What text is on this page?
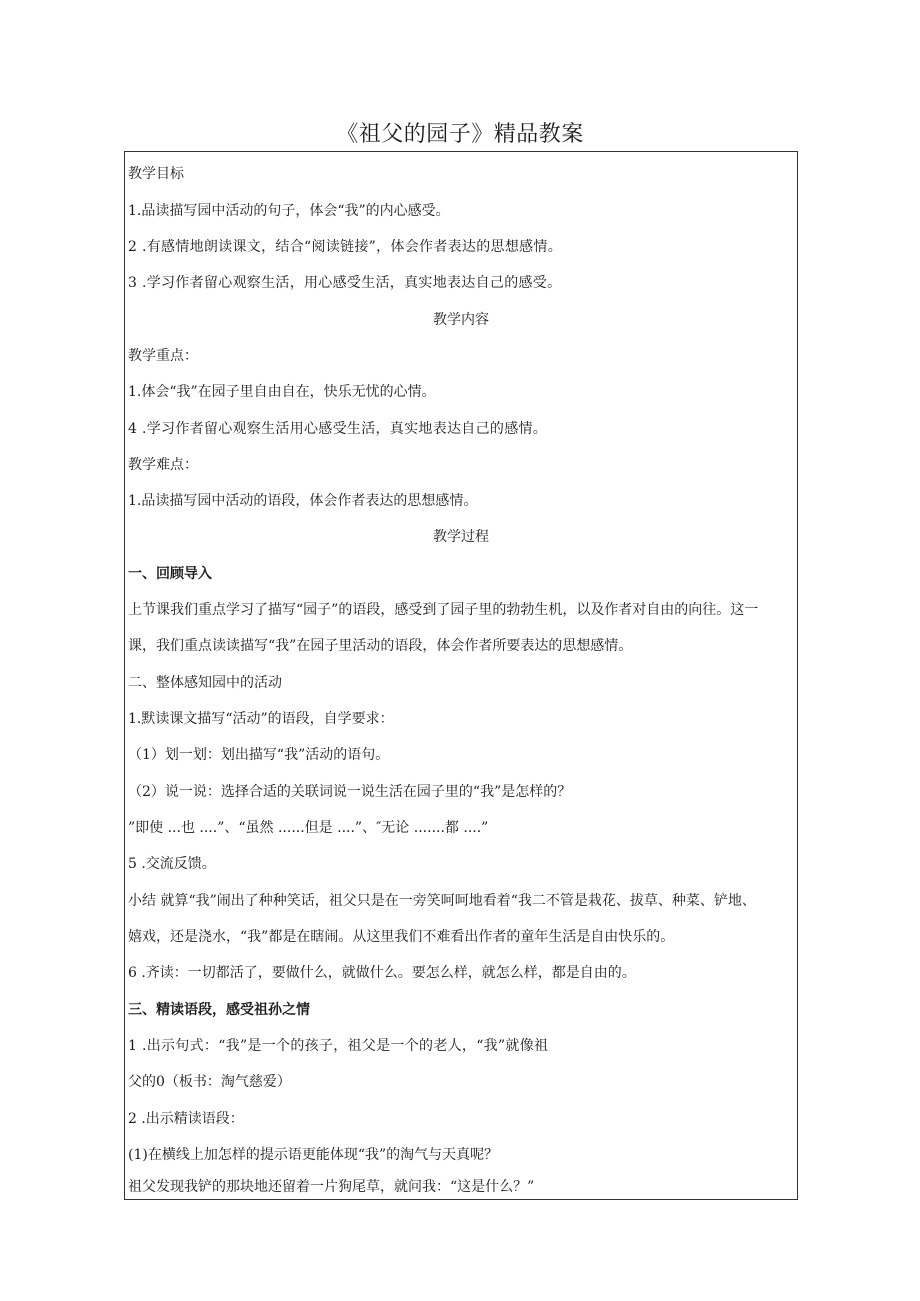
《祖父的园子》精品教案
教学目标
1.品读描写园中活动的句子，体会“我”的内心感受。
2 .有感情地朗读课文，结合“阅读链接”，体会作者表达的思想感情。
3 .学习作者留心观察生活，用心感受生活，真实地表达自己的感受。
教学内容
教学重点：
1.体会“我”在园子里自由自在，快乐无忧的心情。
4 .学习作者留心观察生活用心感受生活，真实地表达自己的感情。
教学难点：
1.品读描写园中活动的语段，体会作者表达的思想感情。
教学过程
一、回顾导入
上节课我们重点学习了描写“园子”的语段，感受到了园子里的勃勃生机，以及作者对自由的向往。这一
课，我们重点读读描写“我”在园子里活动的语段，体会作者所要表达的思想感情。
二、整体感知园中的活动
1.默读课文描写“活动”的语段，自学要求：
（1）划一划：划出描写“我”活动的语句。
（2）说一说：选择合适的关联词说一说生活在园子里的“我”是怎样的？
”即使 ...也 ....”、“虽然 ......但是 ....”、″无论 .......都 ....”
5 .交流反馈。
小结 就算“我”闹出了种种笑话，祖父只是在一旁笑呵呵地看着“我二不管是栽花、拔草、种菜、铲地、
嬉戏，还是浇水，“我”都是在瞎闹。从这里我们不难看出作者的童年生活是自由快乐的。
6 .齐读：一切都活了，要做什么，就做什么。要怎么样，就怎么样，都是自由的。
三、精读语段，感受祖孙之情
1 .出示句式：“我”是一个的孩子，祖父是一个的老人，“我”就像祖
父的0（板书：淘气慈爱）
2 .出示精读语段：
(1)在横线上加怎样的提示语更能体现“我”的淘气与天真呢？
祖父发现我铲的那块地还留着一片狗尾草，就问我：“这是什么？”
